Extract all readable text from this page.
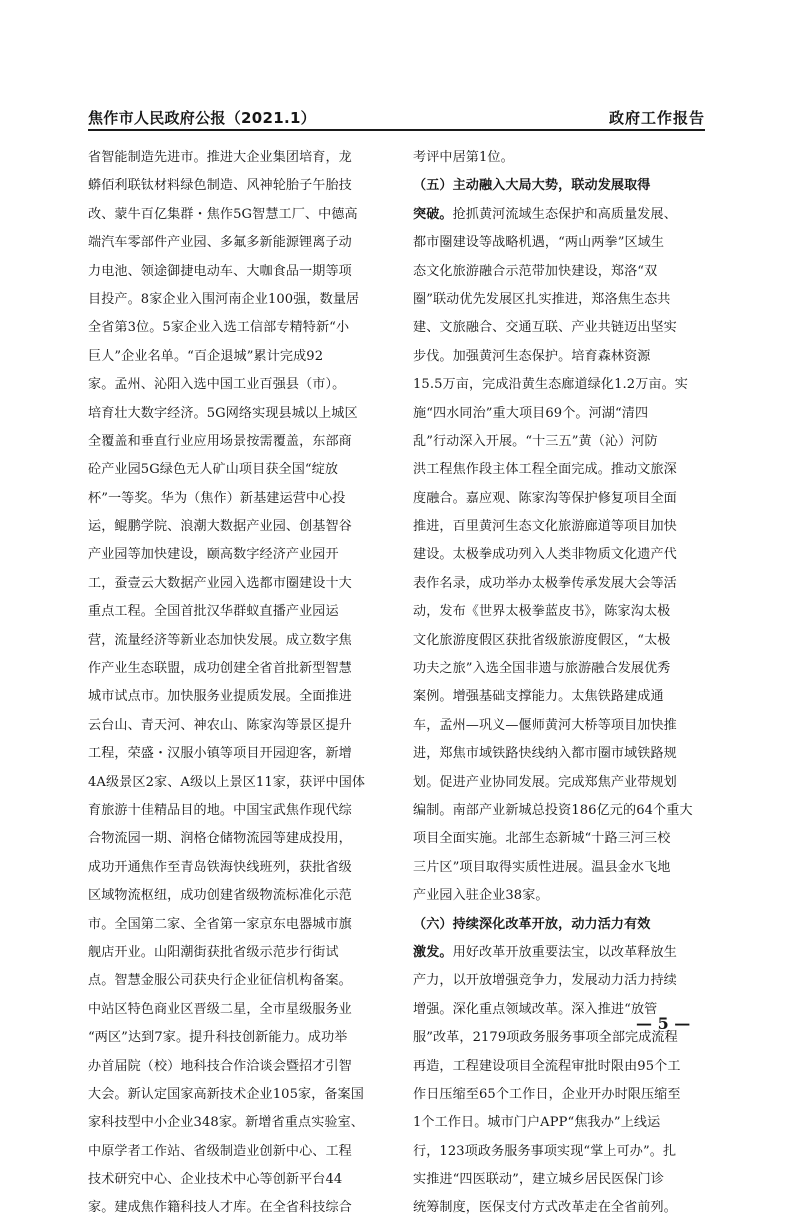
焦作市人民政府公报（2021.1）	政府工作报告
省智能制造先进市。推进大企业集团培育，龙
蟒佰利联钛材料绿色制造、风神轮胎子午胎技
改、蒙牛百亿集群・焦作5G智慧工厂、中德高
端汽车零部件产业园、多氟多新能源锂离子动
力电池、领途御捷电动车、大咖食品一期等项
目投产。8家企业入围河南企业100强，数量居
全省第3位。5家企业入选工信部专精特新“小
巨人”企业名单。“百企退城”累计完成92
家。孟州、沁阳入选中国工业百强县（市）。
培育壮大数字经济。5G网络实现县城以上城区
全覆盖和垂直行业应用场景按需覆盖，东部商
砼产业园5G绿色无人矿山项目获全国“绽放
杯”一等奖。华为（焦作）新基建运营中心投
运，鲲鹏学院、浪潮大数据产业园、创基智谷
产业园等加快建设，颐高数字经济产业园开
工，蚕壹云大数据产业园入选都市圈建设十大
重点工程。全国首批汉华群蚁直播产业园运
营，流量经济等新业态加快发展。成立数字焦
作产业生态联盟，成功创建全省首批新型智慧
城市试点市。加快服务业提质发展。全面推进
云台山、青天河、神农山、陈家沟等景区提升
工程，荣盛・汉服小镇等项目开园迎客，新增
4A级景区2家、A级以上景区11家，获评中国体
育旅游十佳精品目的地。中国宝武焦作现代综
合物流园一期、润格仓储物流园等建成投用，
成功开通焦作至青岛铁海快线班列，获批省级
区域物流枢纽，成功创建省级物流标准化示范
市。全国第二家、全省第一家京东电器城市旗
舰店开业。山阳潮街获批省级示范步行街试
点。智慧金服公司获央行企业征信机构备案。
中站区特色商业区晋级二星，全市星级服务业
“两区”达到7家。提升科技创新能力。成功举
办首届院（校）地科技合作洽谈会暨招才引智
大会。新认定国家高新技术企业105家，备案国
家科技型中小企业348家。新增省重点实验室、
中原学者工作站、省级制造业创新中心、工程
技术研究中心、企业技术中心等创新平台44
家。建成焦作籍科技人才库。在全省科技综合
考评中居第1位。
（五）主动融入大局大势，联动发展取得
突破。抢抓黄河流域生态保护和高质量发展、
都市圈建设等战略机遇，“两山两拳”区域生
态文化旅游融合示范带加快建设，郑洛“双
圈”联动优先发展区扎实推进，郑洛焦生态共
建、文旅融合、交通互联、产业共链迈出坚实
步伐。加强黄河生态保护。培育森林资源
15.5万亩，完成沿黄生态廊道绿化1.2万亩。实
施“四水同治”重大项目69个。河湖“清四
乱”行动深入开展。“十三五”黄（沁）河防
洪工程焦作段主体工程全面完成。推动文旅深
度融合。嘉应观、陈家沟等保护修复项目全面
推进，百里黄河生态文化旅游廊道等项目加快
建设。太极拳成功列入人类非物质文化遗产代
表作名录，成功举办太极拳传承发展大会等活
动，发布《世界太极拳蓝皮书》，陈家沟太极
文化旅游度假区获批省级旅游度假区，“太极
功夫之旅”入选全国非遗与旅游融合发展优秀
案例。增强基础支撑能力。太焦铁路建成通
车，孟州—巩义—偃师黄河大桥等项目加快推
进，郑焦市域铁路快线纳入都市圈市域铁路规
划。促进产业协同发展。完成郑焦产业带规划
编制。南部产业新城总投资186亿元的64个重大
项目全面实施。北部生态新城“十路三河三校
三片区”项目取得实质性进展。温县金水飞地
产业园入驻企业38家。
（六）持续深化改革开放，动力活力有效
激发。用好改革开放重要法宝，以改革释放生
产力，以开放增强竞争力，发展动力活力持续
增强。深化重点领域改革。深入推进“放管
服”改革，2179项政务服务事项全部完成流程
再造，工程建设项目全流程审批时限由95个工
作日压缩至65个工作日，企业开办时限压缩至
1个工作日。城市门户APP“焦我办”上线运
行，123项政务服务事项实现“掌上可办”。扎
实推进“四医联动”，建立城乡居民医保门诊
统筹制度，医保支付方式改革走在全省前列。
— 5 —
